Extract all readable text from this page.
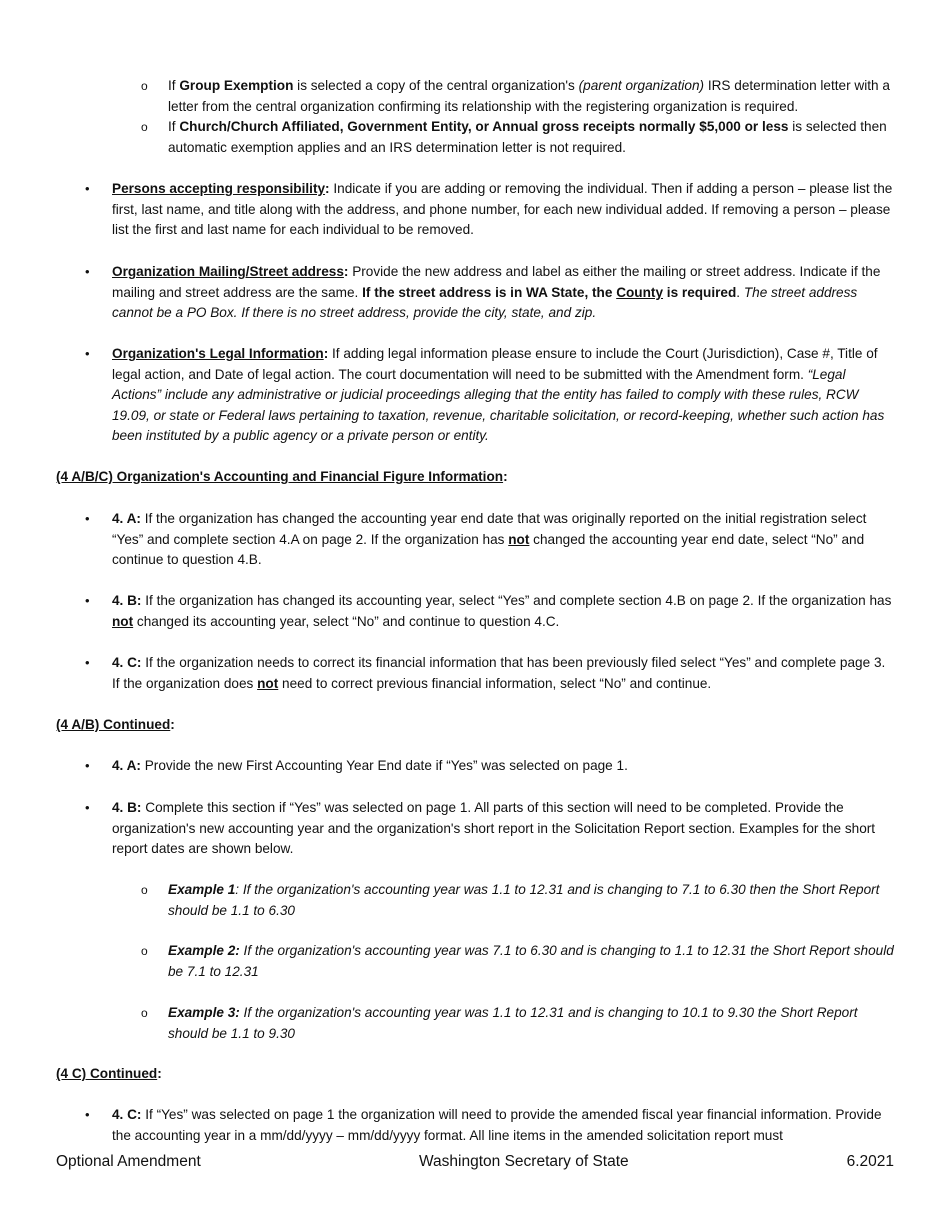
o If Group Exemption is selected a copy of the central organization's (parent organization) IRS determination letter with a letter from the central organization confirming its relationship with the registering organization is required.
o If Church/Church Affiliated, Government Entity, or Annual gross receipts normally $5,000 or less is selected then automatic exemption applies and an IRS determination letter is not required.
• Persons accepting responsibility: Indicate if you are adding or removing the individual. Then if adding a person – please list the first, last name, and title along with the address, and phone number, for each new individual added. If removing a person – please list the first and last name for each individual to be removed.
• Organization Mailing/Street address: Provide the new address and label as either the mailing or street address. Indicate if the mailing and street address are the same. If the street address is in WA State, the County is required. The street address cannot be a PO Box. If there is no street address, provide the city, state, and zip.
• Organization's Legal Information: If adding legal information please ensure to include the Court (Jurisdiction), Case #, Title of legal action, and Date of legal action. The court documentation will need to be submitted with the Amendment form. “Legal Actions” include any administrative or judicial proceedings alleging that the entity has failed to comply with these rules, RCW 19.09, or state or Federal laws pertaining to taxation, revenue, charitable solicitation, or record-keeping, whether such action has been instituted by a public agency or a private person or entity.
(4 A/B/C) Organization's Accounting and Financial Figure Information:
• 4. A: If the organization has changed the accounting year end date that was originally reported on the initial registration select “Yes” and complete section 4.A on page 2. If the organization has not changed the accounting year end date, select “No” and continue to question 4.B.
• 4. B: If the organization has changed its accounting year, select “Yes” and complete section 4.B on page 2. If the organization has not changed its accounting year, select “No” and continue to question 4.C.
• 4. C: If the organization needs to correct its financial information that has been previously filed select “Yes” and complete page 3. If the organization does not need to correct previous financial information, select “No” and continue.
(4 A/B) Continued:
• 4. A: Provide the new First Accounting Year End date if “Yes” was selected on page 1.
• 4. B: Complete this section if “Yes” was selected on page 1. All parts of this section will need to be completed. Provide the organization's new accounting year and the organization's short report in the Solicitation Report section. Examples for the short report dates are shown below.
o Example 1: If the organization's accounting year was 1.1 to 12.31 and is changing to 7.1 to 6.30 then the Short Report should be 1.1 to 6.30
o Example 2: If the organization's accounting year was 7.1 to 6.30 and is changing to 1.1 to 12.31 the Short Report should be 7.1 to 12.31
o Example 3: If the organization's accounting year was 1.1 to 12.31 and is changing to 10.1 to 9.30 the Short Report should be 1.1 to 9.30
(4 C) Continued:
• 4. C: If “Yes” was selected on page 1 the organization will need to provide the amended fiscal year financial information. Provide the accounting year in a mm/dd/yyyy – mm/dd/yyyy format. All line items in the amended solicitation report must
Optional Amendment	Washington Secretary of State	6.2021
